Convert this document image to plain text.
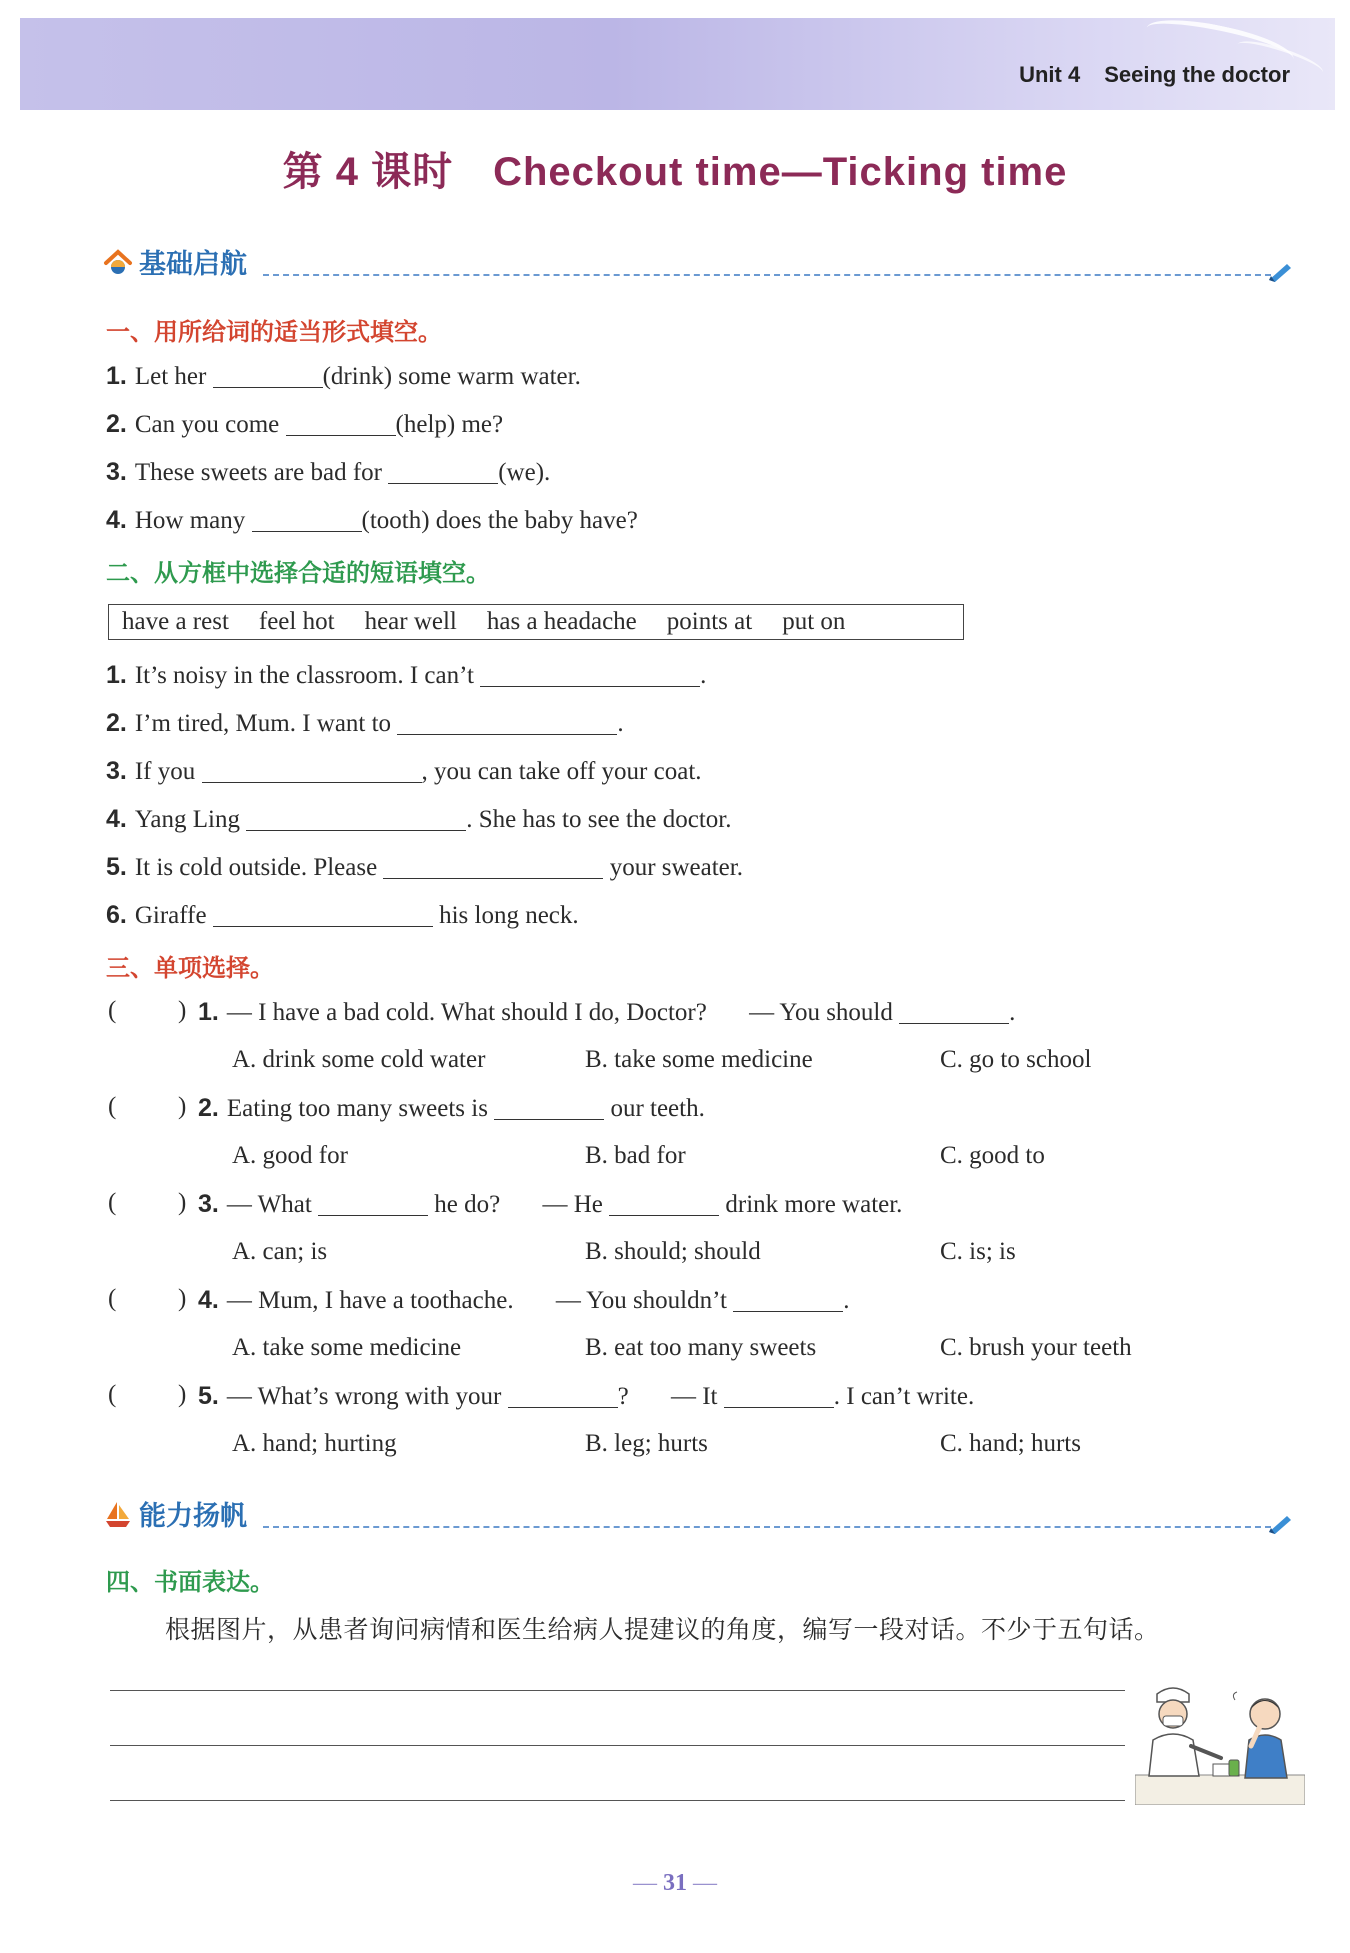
Unit 4 Seeing the doctor
第 4 课时 Checkout time—Ticking time
基础启航
一、用所给词的适当形式填空。
1. Let her	(drink) some warm water.
2. Can you come	(help) me?
3. These sweets are bad for	(we).
4. How many	(tooth) does the baby have?
二、从方框中选择合适的短语填空。
have a rest feel hot hear well has a headache points at put on
1. It’s noisy in the classroom. I can’t	.
2. I’m tired, Mum. I want to	.
3. If you	, you can take off your coat.
4. Yang Ling	. She has to see the doctor.
5. It is cold outside. Please	your sweater.
6. Giraffe	his long neck.
三、单项选择。
( ) 1. — I have a bad cold. What should I do, Doctor? — You should	.
A. drink some cold water	B. take some medicine	C. go to school
( ) 2. Eating too many sweets is	our teeth.
A. good for	B. bad for	C. good to
( ) 3. — What	he do? — He	drink more water.
A. can; is	B. should; should	C. is; is
( ) 4. — Mum, I have a toothache. — You shouldn’t	.
A. take some medicine	B. eat too many sweets	C. brush your teeth
( ) 5. — What’s wrong with your	? — It	. I can’t write.
A. hand; hurting	B. leg; hurts	C. hand; hurts
能力扬帆
四、书面表达。
根据图片，从患者询问病情和医生给病人提建议的角度，编写一段对话。不少于五句话。
— 31 —
